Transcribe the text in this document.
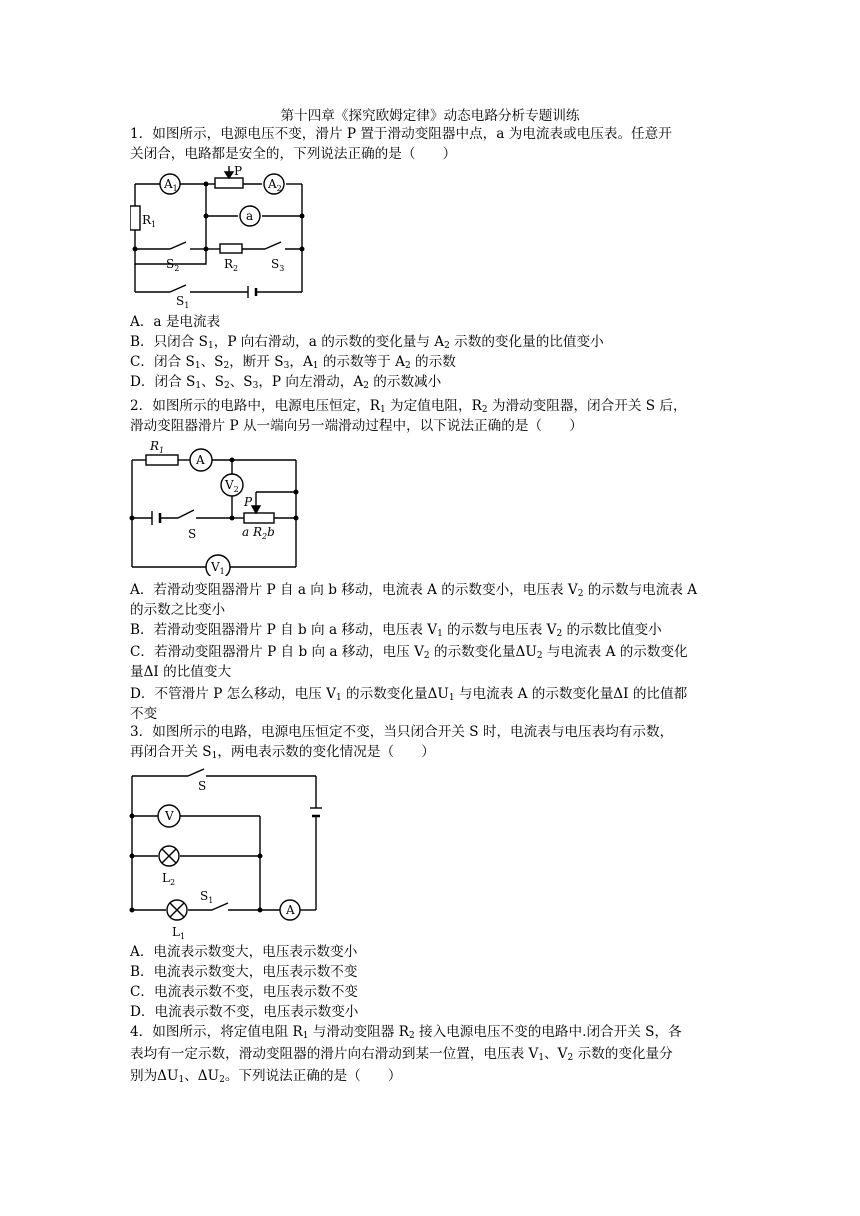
第十四章《探究欧姆定律》动态电路分析专题训练
1．如图所示，电源电压不变，滑片 P 置于滑动变阻器中点，a 为电流表或电压表。任意开
关闭合，电路都是安全的，下列说法正确的是（　　）
$A_1$	$A_2$
a
P
$R_1$
$R_2$
$S_2$	$S_3$
$S_1$
A．a 是电流表
B．只闭合 $S_1$，P 向右滑动，a 的示数的变化量与 $A_2$ 示数的变化量的比值变小
C．闭合 $S_1$、$S_2$，断开 $S_3$，$A_1$ 的示数等于 $A_2$ 的示数
D．闭合 $S_1$、$S_2$、$S_3$，P 向左滑动，$A_2$ 的示数减小
2．如图所示的电路中，电源电压恒定，$R_1$ 为定值电阻，$R_2$ 为滑动变阻器，闭合开关 S 后，
滑动变阻器滑片 P 从一端向另一端滑动过程中，以下说法正确的是（　　）
$R_1$
P
a $R_2b$
A
$V_2$
S
$V_1$
A．若滑动变阻器滑片 P 自 a 向 b 移动，电流表 A 的示数变小，电压表 $V_2$ 的示数与电流表 A
的示数之比变小
B．若滑动变阻器滑片 P 自 b 向 a 移动，电压表 $V_1$ 的示数与电压表 $V_2$ 的示数比值变小
C．若滑动变阻器滑片 P 自 b 向 a 移动，电压 $V_2$ 的示数变化量$\Delta U_2$ 与电流表 A 的示数变化
量ΔI 的比值变大
D．不管滑片 P 怎么移动，电压 $V_1$ 的示数变化量$\Delta U_1$ 与电流表 A 的示数变化量ΔI 的比值都
不变
3．如图所示的电路，电源电压恒定不变，当只闭合开关 S 时，电流表与电压表均有示数，
再闭合开关 $S_1$，两电表示数的变化情况是（　　）
S
V
$L_2$
$S_1$
A
$L_1$
A．电流表示数变大，电压表示数变小
B．电流表示数变大，电压表示数不变
C．电流表示数不变，电压表示数不变
D．电流表示数不变，电压表示数变小
4．如图所示，将定值电阻 $R_1$ 与滑动变阻器 $R_2$ 接入电源电压不变的电路中.闭合开关 S，各
表均有一定示数，滑动变阻器的滑片向右滑动到某一位置，电压表 $V_1$、$V_2$ 示数的变化量分
别为$\Delta U_1$、$\Delta U_2$。下列说法正确的是（　　）
